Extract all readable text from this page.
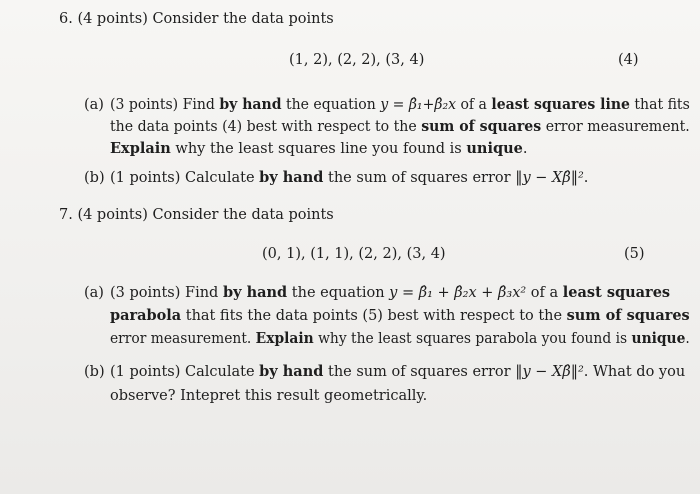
6. (4 points) Consider the data points
(1, 2), (2, 2), (3, 4)	(4)
(a) (3 points) Find by hand the equation y = β̂₁+β̂₂x of a least squares line that fits
the data points (4) best with respect to the sum of squares error measurement.
Explain why the least squares line you found is unique.
(b) (1 points) Calculate by hand the sum of squares error ‖y − Xβ̂‖².
7. (4 points) Consider the data points
(0, 1), (1, 1), (2, 2), (3, 4)	(5)
(a) (3 points) Find by hand the equation y = β̂₁ + β̂₂x + β̂₃x² of a least squares
parabola that fits the data points (5) best with respect to the sum of squares
error measurement. Explain why the least squares parabola you found is unique.
(b) (1 points) Calculate by hand the sum of squares error ‖y − Xβ̂‖². What do you
observe? Intepret this result geometrically.
